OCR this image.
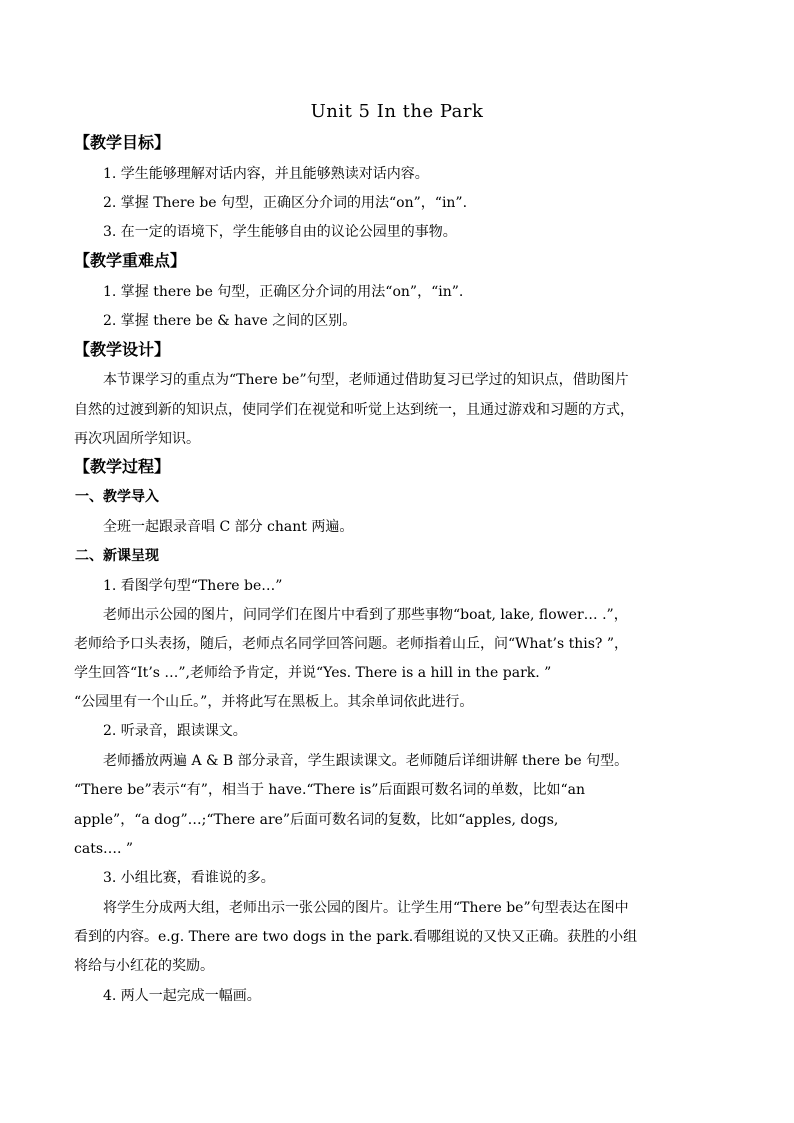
Unit 5 In the Park
【教学目标】
1. 学生能够理解对话内容，并且能够熟读对话内容。
2. 掌握 There be 句型，正确区分介词的用法“on”，“in”.
3. 在一定的语境下，学生能够自由的议论公园里的事物。
【教学重难点】
1. 掌握 there be 句型，正确区分介词的用法“on”，“in”.
2. 掌握 there be & have 之间的区别。
【教学设计】
本节课学习的重点为“There be”句型，老师通过借助复习已学过的知识点，借助图片
自然的过渡到新的知识点，使同学们在视觉和听觉上达到统一，且通过游戏和习题的方式，
再次巩固所学知识。
【教学过程】
一、教学导入
全班一起跟录音唱 C 部分 chant 两遍。
二、新课呈现
1. 看图学句型“There be…”
老师出示公园的图片，问同学们在图片中看到了那些事物“boat, lake, flower… .”，
老师给予口头表扬，随后，老师点名同学回答问题。老师指着山丘，问“What’s this? ”，
学生回答“It’s …”,老师给予肯定，并说“Yes. There is a hill in the park. ”
“公园里有一个山丘。”，并将此写在黑板上。其余单词依此进行。
2. 听录音，跟读课文。
老师播放两遍 A & B 部分录音，学生跟读课文。老师随后详细讲解 there be 句型。
“There be”表示“有”，相当于 have.“There is”后面跟可数名词的单数，比如“an
apple”，“a dog”…;“There are”后面可数名词的复数，比如“apples, dogs,
cats…. ”
3. 小组比赛，看谁说的多。
将学生分成两大组，老师出示一张公园的图片。让学生用“There be”句型表达在图中
看到的内容。e.g. There are two dogs in the park.看哪组说的又快又正确。获胜的小组
将给与小红花的奖励。
4. 两人一起完成一幅画。
